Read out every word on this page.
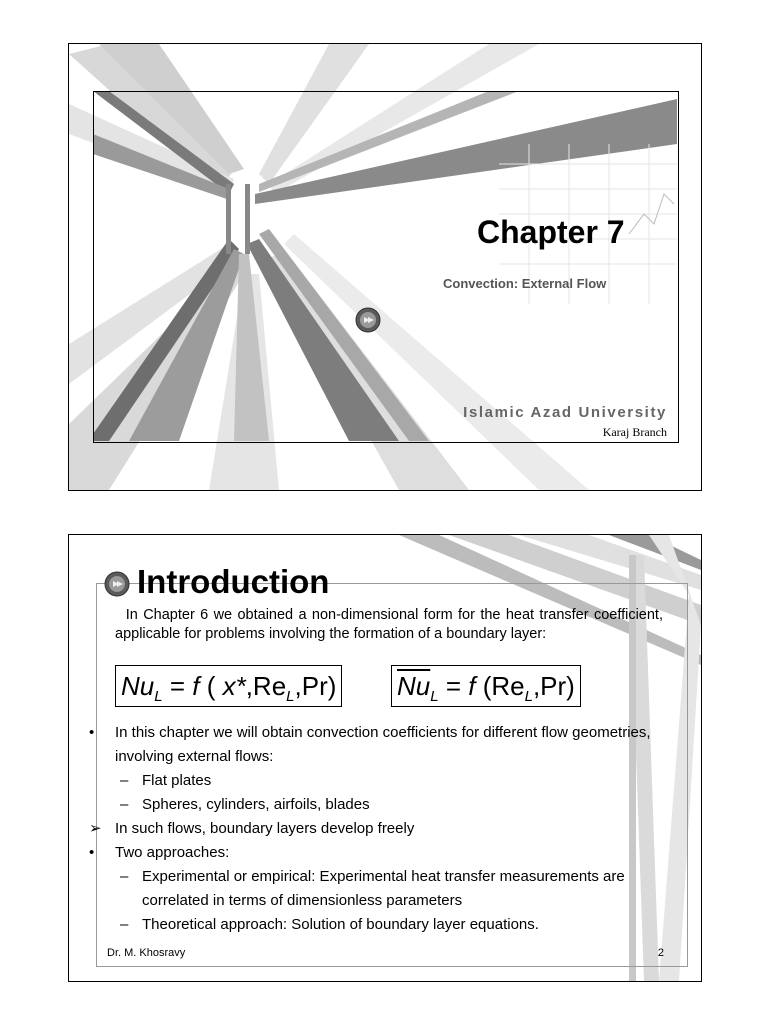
Chapter 7
Convection: External Flow
Islamic Azad University
Karaj Branch
Introduction
In Chapter 6 we obtained a non-dimensional form for the heat transfer coefficient, applicable for problems involving the formation of a boundary layer:
$Nu_L = f$ ( $x*,Re_L,Pr$) $\overline{Nu}_L = f$ $(Re_L,Pr)$
• In this chapter we will obtain convection coefficients for different flow geometries, involving external flows:
– Flat plates
– Spheres, cylinders, airfoils, blades
➢ In such flows, boundary layers develop freely
• Two approaches:
– Experimental or empirical: Experimental heat transfer measurements are correlated in terms of dimensionless parameters
– Theoretical approach: Solution of boundary layer equations.
Dr. M. Khosravy	2
